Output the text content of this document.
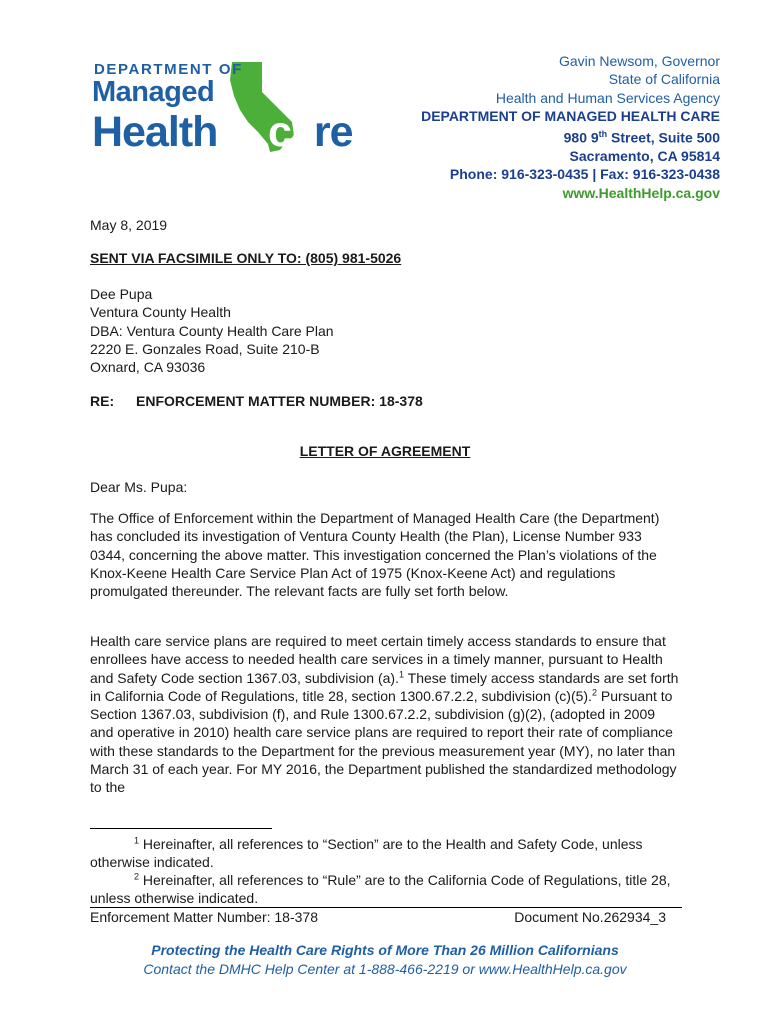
DEPARTMENT OF
Managed
Health care
Gavin Newsom, Governor
State of California
Health and Human Services Agency
DEPARTMENT OF MANAGED HEALTH CARE
980 9th Street, Suite 500
Sacramento, CA 95814
Phone: 916-323-0435 | Fax: 916-323-0438
www.HealthHelp.ca.gov
May 8, 2019
SENT VIA FACSIMILE ONLY TO: (805) 981-5026
Dee Pupa
Ventura County Health
DBA: Ventura County Health Care Plan
2220 E. Gonzales Road, Suite 210-B
Oxnard, CA 93036
RE: ENFORCEMENT MATTER NUMBER: 18-378
LETTER OF AGREEMENT
Dear Ms. Pupa:
The Office of Enforcement within the Department of Managed Health Care (the Department) has concluded its investigation of Ventura County Health (the Plan), License Number 933 0344, concerning the above matter. This investigation concerned the Plan’s violations of the Knox-Keene Health Care Service Plan Act of 1975 (Knox-Keene Act) and regulations promulgated thereunder. The relevant facts are fully set forth below.
Health care service plans are required to meet certain timely access standards to ensure that enrollees have access to needed health care services in a timely manner, pursuant to Health and Safety Code section 1367.03, subdivision (a).$^1$ These timely access standards are set forth in California Code of Regulations, title 28, section 1300.67.2.2, subdivision (c)(5).$^2$ Pursuant to Section 1367.03, subdivision (f), and Rule 1300.67.2.2, subdivision (g)(2), (adopted in 2009 and operative in 2010) health care service plans are required to report their rate of compliance with these standards to the Department for the previous measurement year (MY), no later than March 31 of each year. For MY 2016, the Department published the standardized methodology to the
$^1$ Hereinafter, all references to “Section” are to the Health and Safety Code, unless otherwise indicated.
$^2$ Hereinafter, all references to “Rule” are to the California Code of Regulations, title 28, unless otherwise indicated.
Enforcement Matter Number: 18-378	Document No.262934_3
Protecting the Health Care Rights of More Than 26 Million Californians
Contact the DMHC Help Center at 1-888-466-2219 or www.HealthHelp.ca.gov
